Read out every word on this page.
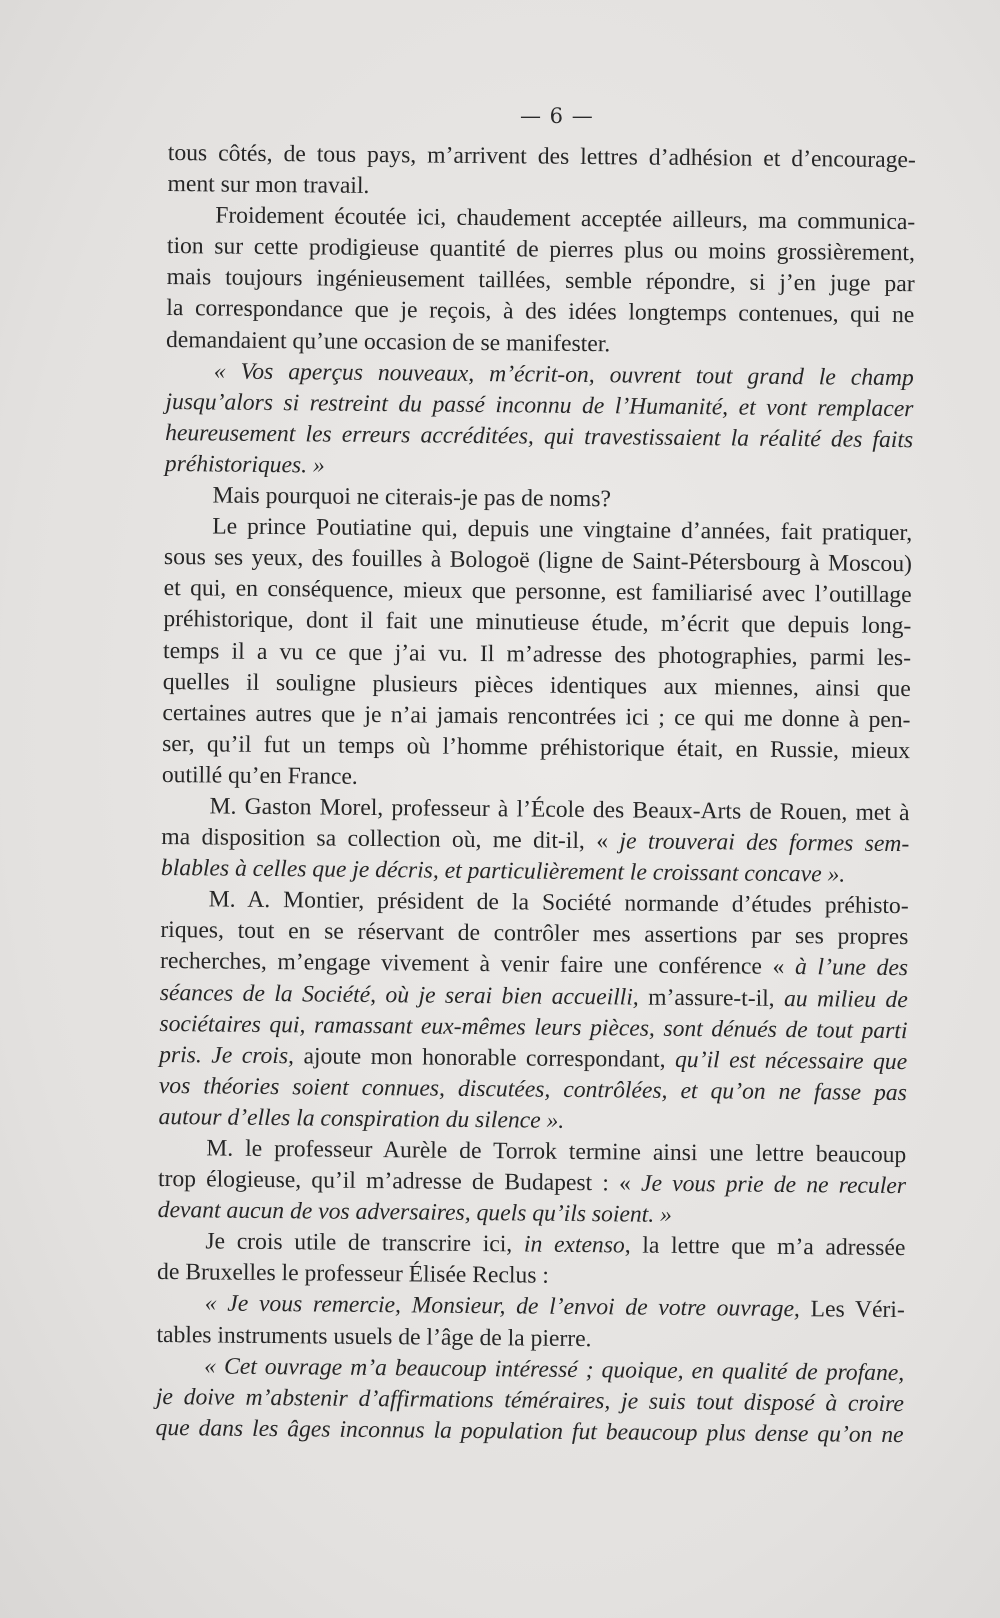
— 6 —
tous côtés, de tous pays, m’arrivent des lettres d’adhésion et d’encourage-
ment sur mon travail.
Froidement écoutée ici, chaudement acceptée ailleurs, ma communica-
tion sur cette prodigieuse quantité de pierres plus ou moins grossièrement,
mais toujours ingénieusement taillées, semble répondre, si j’en juge par
la correspondance que je reçois, à des idées longtemps contenues, qui ne
demandaient qu’une occasion de se manifester.
« Vos aperçus nouveaux, m’écrit-on, ouvrent tout grand le champ
jusqu’alors si restreint du passé inconnu de l’Humanité, et vont remplacer
heureusement les erreurs accréditées, qui travestissaient la réalité des faits
préhistoriques. »
Mais pourquoi ne citerais-je pas de noms?
Le prince Poutiatine qui, depuis une vingtaine d’années, fait pratiquer,
sous ses yeux, des fouilles à Bologoë (ligne de Saint-Pétersbourg à Moscou)
et qui, en conséquence, mieux que personne, est familiarisé avec l’outillage
préhistorique, dont il fait une minutieuse étude, m’écrit que depuis long-
temps il a vu ce que j’ai vu. Il m’adresse des photographies, parmi les-
quelles il souligne plusieurs pièces identiques aux miennes, ainsi que
certaines autres que je n’ai jamais rencontrées ici ; ce qui me donne à pen-
ser, qu’il fut un temps où l’homme préhistorique était, en Russie, mieux
outillé qu’en France.
M. Gaston Morel, professeur à l’École des Beaux-Arts de Rouen, met à
ma disposition sa collection où, me dit-il, « je trouverai des formes sem-
blables à celles que je décris, et particulièrement le croissant concave ».
M. A. Montier, président de la Société normande d’études préhisto-
riques, tout en se réservant de contrôler mes assertions par ses propres
recherches, m’engage vivement à venir faire une conférence « à l’une des
séances de la Société, où je serai bien accueilli, m’assure-t-il, au milieu de
sociétaires qui, ramassant eux-mêmes leurs pièces, sont dénués de tout parti
pris. Je crois, ajoute mon honorable correspondant, qu’il est nécessaire que
vos théories soient connues, discutées, contrôlées, et qu’on ne fasse pas
autour d’elles la conspiration du silence ».
M. le professeur Aurèle de Torrok termine ainsi une lettre beaucoup
trop élogieuse, qu’il m’adresse de Budapest : « Je vous prie de ne reculer
devant aucun de vos adversaires, quels qu’ils soient. »
Je crois utile de transcrire ici, in extenso, la lettre que m’a adressée
de Bruxelles le professeur Élisée Reclus :
« Je vous remercie, Monsieur, de l’envoi de votre ouvrage, Les Véri-
tables instruments usuels de l’âge de la pierre.
« Cet ouvrage m’a beaucoup intéressé ; quoique, en qualité de profane,
je doive m’abstenir d’affirmations téméraires, je suis tout disposé à croire
que dans les âges inconnus la population fut beaucoup plus dense qu’on ne
